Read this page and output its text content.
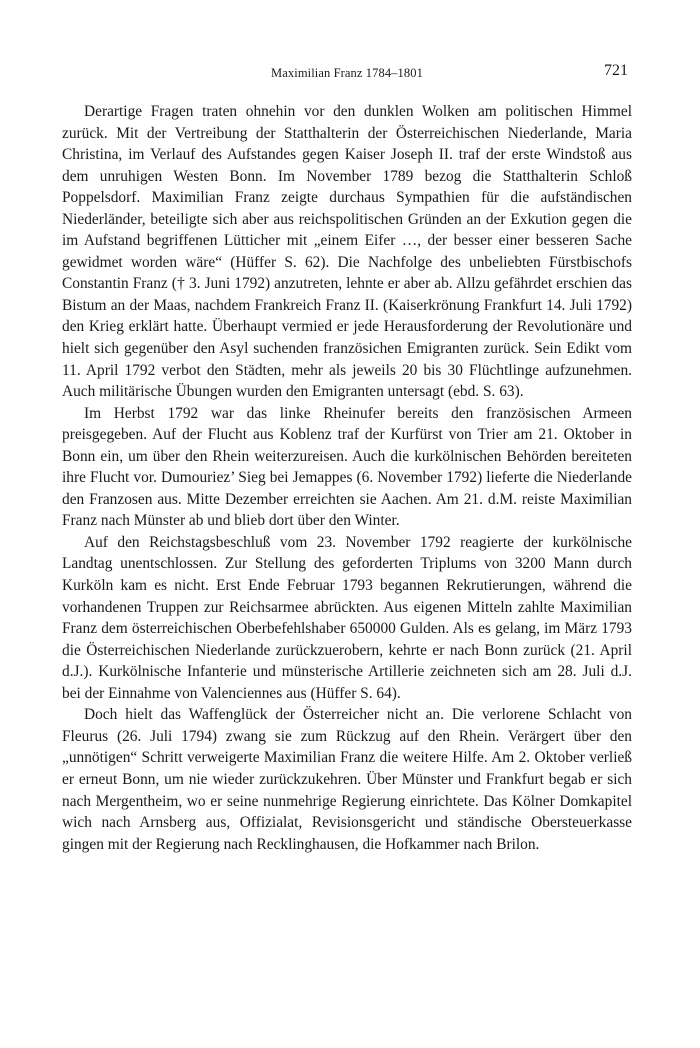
Maximilian Franz 1784–1801	721

Derartige Fragen traten ohnehin vor den dunklen Wolken am politischen Himmel zurück. Mit der Vertreibung der Statthalterin der Österreichischen Niederlande, Maria Christina, im Verlauf des Aufstandes gegen Kaiser Joseph II. traf der erste Windstoß aus dem unruhigen Westen Bonn. Im November 1789 bezog die Statthalterin Schloß Poppelsdorf. Maximilian Franz zeigte durchaus Sympathien für die aufständischen Niederländer, beteiligte sich aber aus reichspolitischen Gründen an der Exkution gegen die im Aufstand begriffenen Lütticher mit „einem Eifer …, der besser einer besseren Sache gewidmet worden wäre“ (Hüffer S. 62). Die Nachfolge des unbeliebten Fürstbischofs Constantin Franz († 3. Juni 1792) anzutreten, lehnte er aber ab. Allzu gefährdet erschien das Bistum an der Maas, nachdem Frankreich Franz II. (Kaiserkrönung Frankfurt 14. Juli 1792) den Krieg erklärt hatte. Überhaupt vermied er jede Herausforderung der Revolutionäre und hielt sich gegenüber den Asyl suchenden französichen Emigranten zurück. Sein Edikt vom 11. April 1792 verbot den Städten, mehr als jeweils 20 bis 30 Flüchtlinge aufzunehmen. Auch militärische Übungen wurden den Emigranten untersagt (ebd. S. 63).

Im Herbst 1792 war das linke Rheinufer bereits den französischen Armeen preisgegeben. Auf der Flucht aus Koblenz traf der Kurfürst von Trier am 21. Oktober in Bonn ein, um über den Rhein weiterzureisen. Auch die kurkölnischen Behörden bereiteten ihre Flucht vor. Dumouriez’ Sieg bei Jemappes (6. November 1792) lieferte die Niederlande den Franzosen aus. Mitte Dezember erreichten sie Aachen. Am 21. d.M. reiste Maximilian Franz nach Münster ab und blieb dort über den Winter.

Auf den Reichstagsbeschluß vom 23. November 1792 reagierte der kurkölnische Landtag unentschlossen. Zur Stellung des geforderten Triplums von 3200 Mann durch Kurköln kam es nicht. Erst Ende Februar 1793 begannen Rekrutierungen, während die vorhandenen Truppen zur Reichsarmee abrückten. Aus eigenen Mitteln zahlte Maximilian Franz dem österreichischen Oberbefehlshaber 650000 Gulden. Als es gelang, im März 1793 die Österreichischen Niederlande zurückzuerobern, kehrte er nach Bonn zurück (21. April d.J.). Kurkölnische Infanterie und münsterische Artillerie zeichneten sich am 28. Juli d.J. bei der Einnahme von Valenciennes aus (Hüffer S. 64).

Doch hielt das Waffenglück der Österreicher nicht an. Die verlorene Schlacht von Fleurus (26. Juli 1794) zwang sie zum Rückzug auf den Rhein. Verärgert über den „unnötigen“ Schritt verweigerte Maximilian Franz die weitere Hilfe. Am 2. Oktober verließ er erneut Bonn, um nie wieder zurückzukehren. Über Münster und Frankfurt begab er sich nach Mergentheim, wo er seine nunmehrige Regierung einrichtete. Das Kölner Domkapitel wich nach Arnsberg aus, Offizialat, Revisionsgericht und ständische Obersteuerkasse gingen mit der Regierung nach Recklinghausen, die Hofkammer nach Brilon.
